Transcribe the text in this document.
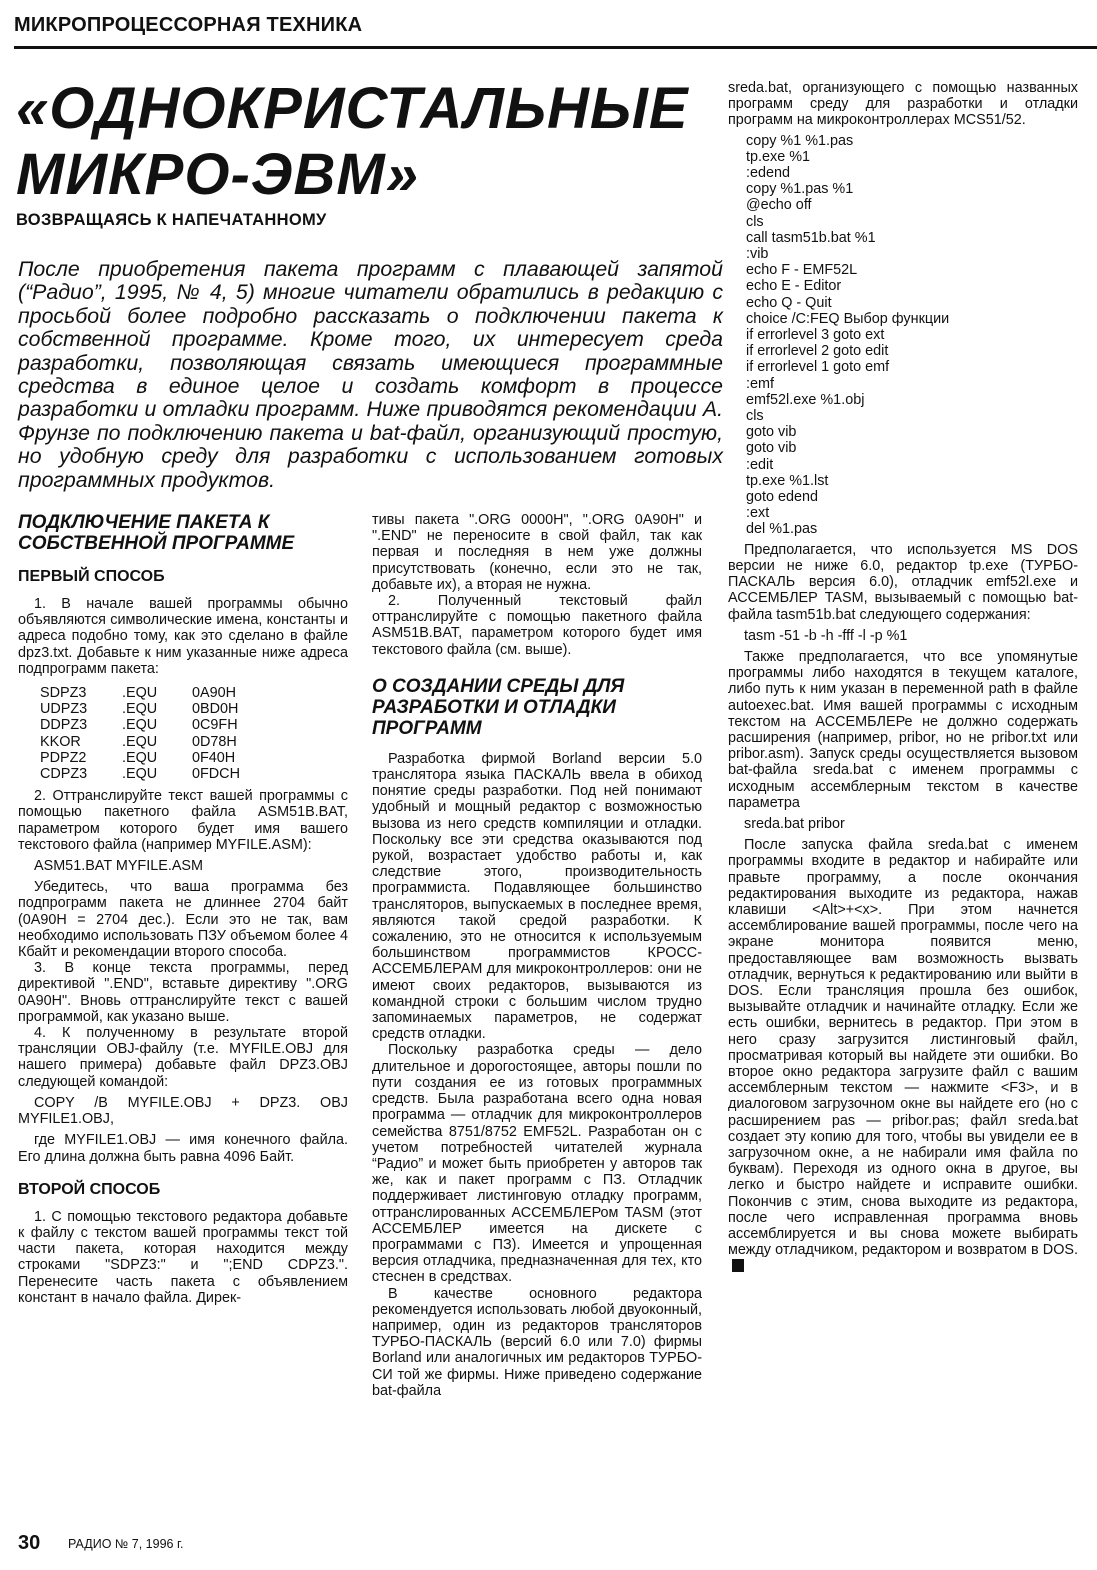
МИКРОПРОЦЕССОРНАЯ ТЕХНИКА
«ОДНОКРИСТАЛЬНЫЕ
МИКРО-ЭВМ»
ВОЗВРАЩАЯСЬ К НАПЕЧАТАННОМУ
После приобретения пакета программ с плавающей запятой (“Радио”, 1995, № 4, 5) многие читатели обратились в редакцию с просьбой более подробно рассказать о подключении пакета к собственной программе. Кроме того, их интересует среда разработки, позволяющая связать имеющиеся программные средства в единое целое и создать комфорт в процессе разработки и отладки программ. Ниже приводятся рекомендации А. Фрунзе по подключению пакета и bat-файл, организующий простую, но удобную среду для разработки с использованием готовых программных продуктов.
ПОДКЛЮЧЕНИЕ ПАКЕТА К СОБСТВЕННОЙ ПРОГРАММЕ
ПЕРВЫЙ СПОСОБ

1. В начале вашей программы обычно объявляются символические имена, константы и адреса подобно тому, как это сделано в файле dpz3.txt. Добавьте к ним указанные ниже адреса подпрограмм пакета:

SDPZ3	.EQU	0A90H
UDPZ3	.EQU	0BD0H
DDPZ3	.EQU	0C9FH
KKOR	.EQU	0D78H
PDPZ2	.EQU	0F40H
CDPZ3	.EQU	0FDCH

2. Оттранслируйте текст вашей программы с помощью пакетного файла ASM51B.BAT, параметром которого будет имя вашего текстового файла (например MYFILE.ASM):

ASM51.BAT MYFILE.ASM

Убедитесь, что ваша программа без подпрограмм пакета не длиннее 2704 байт (0A90H = 2704 дес.). Если это не так, вам необходимо использовать ПЗУ объемом более 4 Кбайт и рекомендации второго способа.

3. В конце текста программы, перед директивой ".END", вставьте директиву ".ORG 0A90H". Вновь оттранслируйте текст с вашей программой, как указано выше.

4. К полученному в результате второй трансляции OBJ-файлу (т.е. MYFILE.OBJ для нашего примера) добавьте файл DPZ3.OBJ следующей командой:

COPY /B MYFILE.OBJ + DPZ3. OBJ MYFILE1.OBJ,

где MYFILE1.OBJ — имя конечного файла. Его длина должна быть равна 4096 Байт.

ВТОРОЙ СПОСОБ

1. С помощью текстового редактора добавьте к файлу с текстом вашей программы текст той части пакета, которая находится между строками "SDPZ3:" и ";END CDPZ3.". Перенесите часть пакета с объявлением констант в начало файла. Дирек-

тивы пакета ".ORG 0000H", ".ORG 0A90H" и ".END" не переносите в свой файл, так как первая и последняя в нем уже должны присутствовать (конечно, если это не так, добавьте их), а вторая не нужна.

2. Полученный текстовый файл оттранслируйте с помощью пакетного файла ASM51B.BAT, параметром которого будет имя текстового файла (см. выше).

О СОЗДАНИИ СРЕДЫ ДЛЯ РАЗРАБОТКИ И ОТЛАДКИ ПРОГРАММ

Разработка фирмой Borland версии 5.0 транслятора языка ПАСКАЛЬ ввела в обиход понятие среды разработки. Под ней понимают удобный и мощный редактор с возможностью вызова из него средств компиляции и отладки. Поскольку все эти средства оказываются под рукой, возрастает удобство работы и, как следствие этого, производительность программиста. Подавляющее большинство трансляторов, выпускаемых в последнее время, являются такой средой разработки. К сожалению, это не относится к используемым большинством программистов КРОСС-АССЕМБЛЕРАМ для микроконтроллеров: они не имеют своих редакторов, вызываются из командной строки с большим числом трудно запоминаемых параметров, не содержат средств отладки.

Поскольку разработка среды — дело длительное и дорогостоящее, авторы пошли по пути создания ее из готовых программных средств. Была разработана всего одна новая программа — отладчик для микроконтроллеров семейства 8751/8752 EMF52L. Разработан он с учетом потребностей читателей журнала “Радио” и может быть приобретен у авторов так же, как и пакет программ с ПЗ. Отладчик поддерживает листинговую отладку программ, оттранслированных АССЕМБЛЕРом TASM (этот АССЕМБЛЕР имеется на дискете с программами с ПЗ). Имеется и упрощенная версия отладчика, предназначенная для тех, кто стеснен в средствах.

В качестве основного редактора рекомендуется использовать любой двуоконный, например, один из редакторов трансляторов ТУРБО-ПАСКАЛЬ (версий 6.0 или 7.0) фирмы Borland или аналогичных им редакторов ТУРБО-СИ той же фирмы. Ниже приведено содержание bat-файла

sreda.bat, организующего с помощью названных программ среду для разработки и отладки программ на микроконтроллерах MCS51/52.

copy %1 %1.pas
tp.exe %1
:edend
copy %1.pas %1
@echo off
cls
call tasm51b.bat %1
:vib
echo F - EMF52L
echo E - Editor
echo Q - Quit
choice /C:FEQ Выбор функции
if errorlevel 3 goto ext
if errorlevel 2 goto edit
if errorlevel 1 goto emf
:emf
emf52l.exe %1.obj
cls
goto vib
goto vib
:edit
tp.exe %1.lst
goto edend
:ext
del %1.pas

Предполагается, что используется MS DOS версии не ниже 6.0, редактор tp.exe (ТУРБО-ПАСКАЛЬ версия 6.0), отладчик emf52l.exe и АССЕМБЛЕР TASM, вызываемый с помощью bat-файла tasm51b.bat следующего содержания:

tasm -51 -b -h -fff -l -p %1

Также предполагается, что все упомянутые программы либо находятся в текущем каталоге, либо путь к ним указан в переменной path в файле autoexec.bat. Имя вашей программы с исходным текстом на АССЕМБЛЕРе не должно содержать расширения (например, pribor, но не pribor.txt или pribor.asm). Запуск среды осуществляется вызовом bat-файла sreda.bat с именем программы с исходным ассемблерным текстом в качестве параметра

sreda.bat pribor

После запуска файла sreda.bat с именем программы входите в редактор и набирайте или правьте программу, а после окончания редактирования выходите из редактора, нажав клавиши <Alt>+<x>. При этом начнется ассемблирование вашей программы, после чего на экране монитора появится меню, предоставляющее вам возможность вызвать отладчик, вернуться к редактированию или выйти в DOS. Если трансляция прошла без ошибок, вызывайте отладчик и начинайте отладку. Если же есть ошибки, вернитесь в редактор. При этом в него сразу загрузится листинговый файл, просматривая который вы найдете эти ошибки. Во второе окно редактора загрузите файл с вашим ассемблерным текстом — нажмите <F3>, и в диалоговом загрузочном окне вы найдете его (но с расширением pas — pribor.pas; файл sreda.bat создает эту копию для того, чтобы вы увидели ее в загрузочном окне, а не набирали имя файла по буквам). Переходя из одного окна в другое, вы легко и быстро найдете и исправите ошибки. Покончив с этим, снова выходите из редактора, после чего исправленная программа вновь ассемблируется и вы снова можете выбирать между отладчиком, редактором и возвратом в DOS.

30 РАДИО № 7, 1996 г.
